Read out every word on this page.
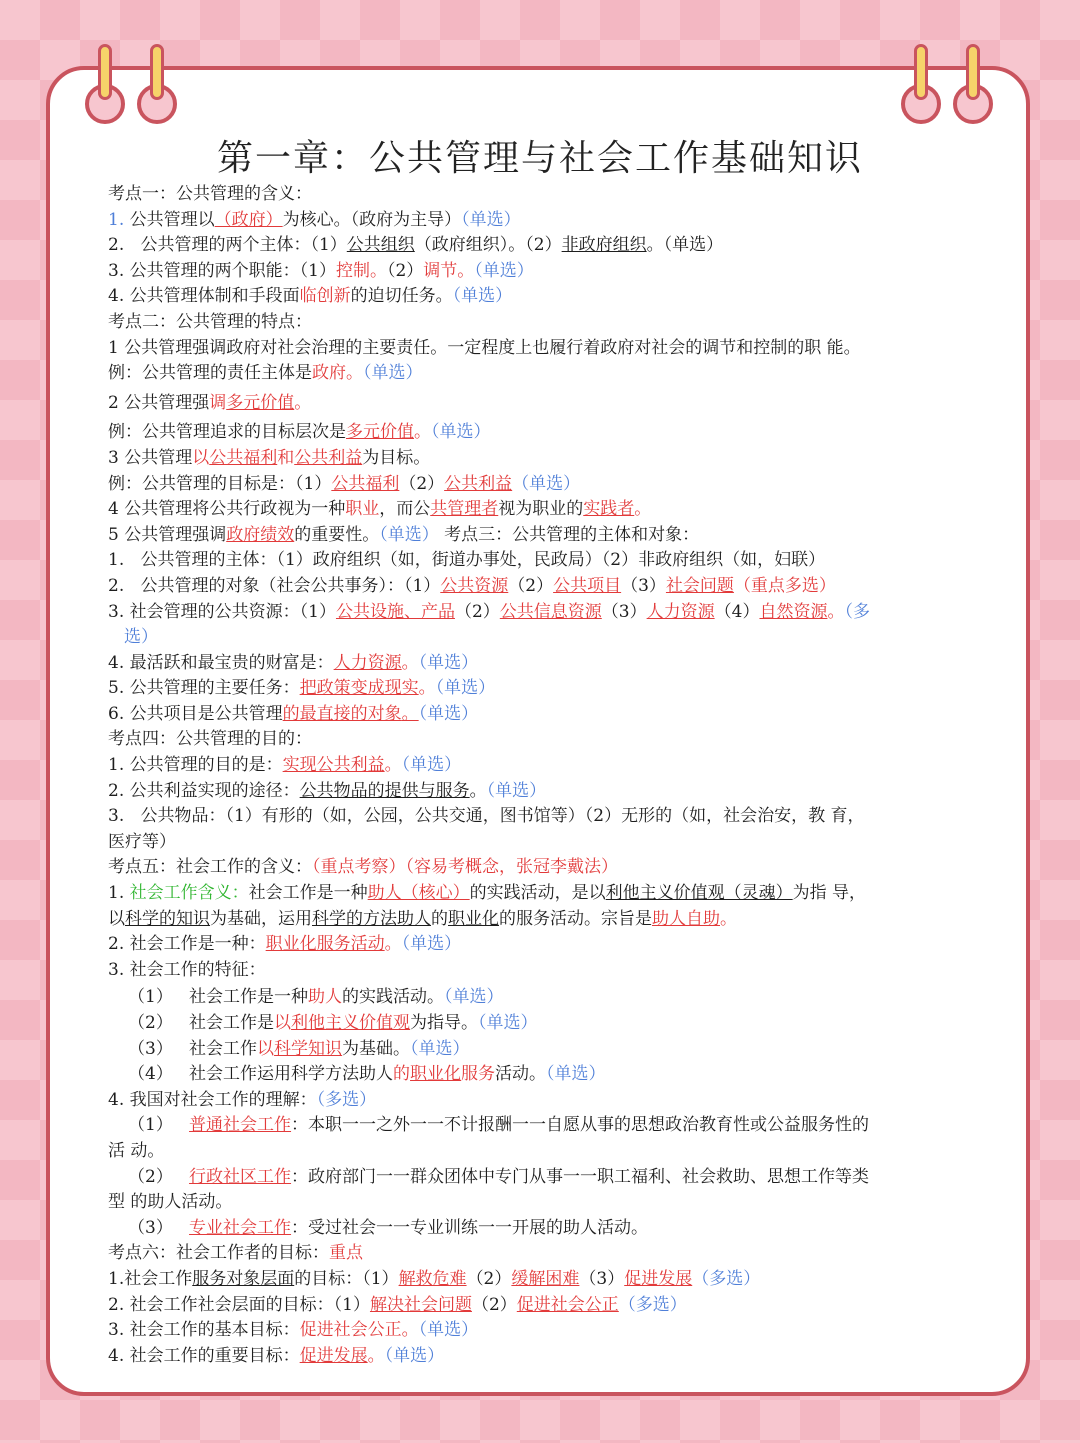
第一章：公共管理与社会工作基础知识
考点一：公共管理的含义：
1. 公共管理以（政府）为核心。（政府为主导）（单选）
2. 公共管理的两个主体：（1）公共组织（政府组织）。（2）非政府组织。（单选）
3. 公共管理的两个职能：（1）控制。（2）调节。（单选）
4. 公共管理体制和手段面临创新的迫切任务。（单选）
考点二：公共管理的特点：
1 公共管理强调政府对社会治理的主要责任。一定程度上也履行着政府对社会的调节和控制的职 能。
例：公共管理的责任主体是政府。（单选）
2 公共管理强调多元价值。
例：公共管理追求的目标层次是多元价值。（单选）
3 公共管理以公共福利和公共利益为目标。
例：公共管理的目标是：（1）公共福利（2）公共利益（单选）
4 公共管理将公共行政视为一种职业，而公共管理者视为职业的实践者。
5 公共管理强调政府绩效的重要性。（单选） 考点三：公共管理的主体和对象：
1. 公共管理的主体：（1）政府组织（如，街道办事处，民政局）（2）非政府组织（如，妇联）
2. 公共管理的对象（社会公共事务）：（1）公共资源（2）公共项目（3）社会问题（重点多选）
3. 社会管理的公共资源：（1）公共设施、产品（2）公共信息资源（3）人力资源（4）自然资源。（多
选）
4. 最活跃和最宝贵的财富是：人力资源。（单选）
5. 公共管理的主要任务：把政策变成现实。（单选）
6. 公共项目是公共管理的最直接的对象。（单选）
考点四：公共管理的目的：
1. 公共管理的目的是：实现公共利益。（单选）
2. 公共利益实现的途径：公共物品的提供与服务。（单选）
3. 公共物品：（1）有形的（如，公园，公共交通，图书馆等）（2）无形的（如，社会治安，教 育，
医疗等）
考点五：社会工作的含义：（重点考察）（容易考概念，张冠李戴法）
1. 社会工作含义：社会工作是一种助人（核心）的实践活动，是以利他主义价值观（灵魂）为指 导，
以科学的知识为基础，运用科学的方法助人的职业化的服务活动。宗旨是助人自助。
2. 社会工作是一种：职业化服务活动。（单选）
3. 社会工作的特征：
（1） 社会工作是一种助人的实践活动。（单选）
（2） 社会工作是以利他主义价值观为指导。（单选）
（3） 社会工作以科学知识为基础。（单选）
（4） 社会工作运用科学方法助人的职业化服务活动。（单选）
4. 我国对社会工作的理解：（多选）
（1） 普通社会工作：本职一一之外一一不计报酬一一自愿从事的思想政治教育性或公益服务性的
活 动。
（2） 行政社区工作：政府部门一一群众团体中专门从事一一职工福利、社会救助、思想工作等类
型 的助人活动。
（3） 专业社会工作：受过社会一一专业训练一一开展的助人活动。
考点六：社会工作者的目标：重点
1.社会工作服务对象层面的目标：（1）解救危难（2）缓解困难（3）促进发展（多选）
2. 社会工作社会层面的目标：（1）解决社会问题（2）促进社会公正（多选）
3. 社会工作的基本目标：促进社会公正。（单选）
4. 社会工作的重要目标：促进发展。（单选）
